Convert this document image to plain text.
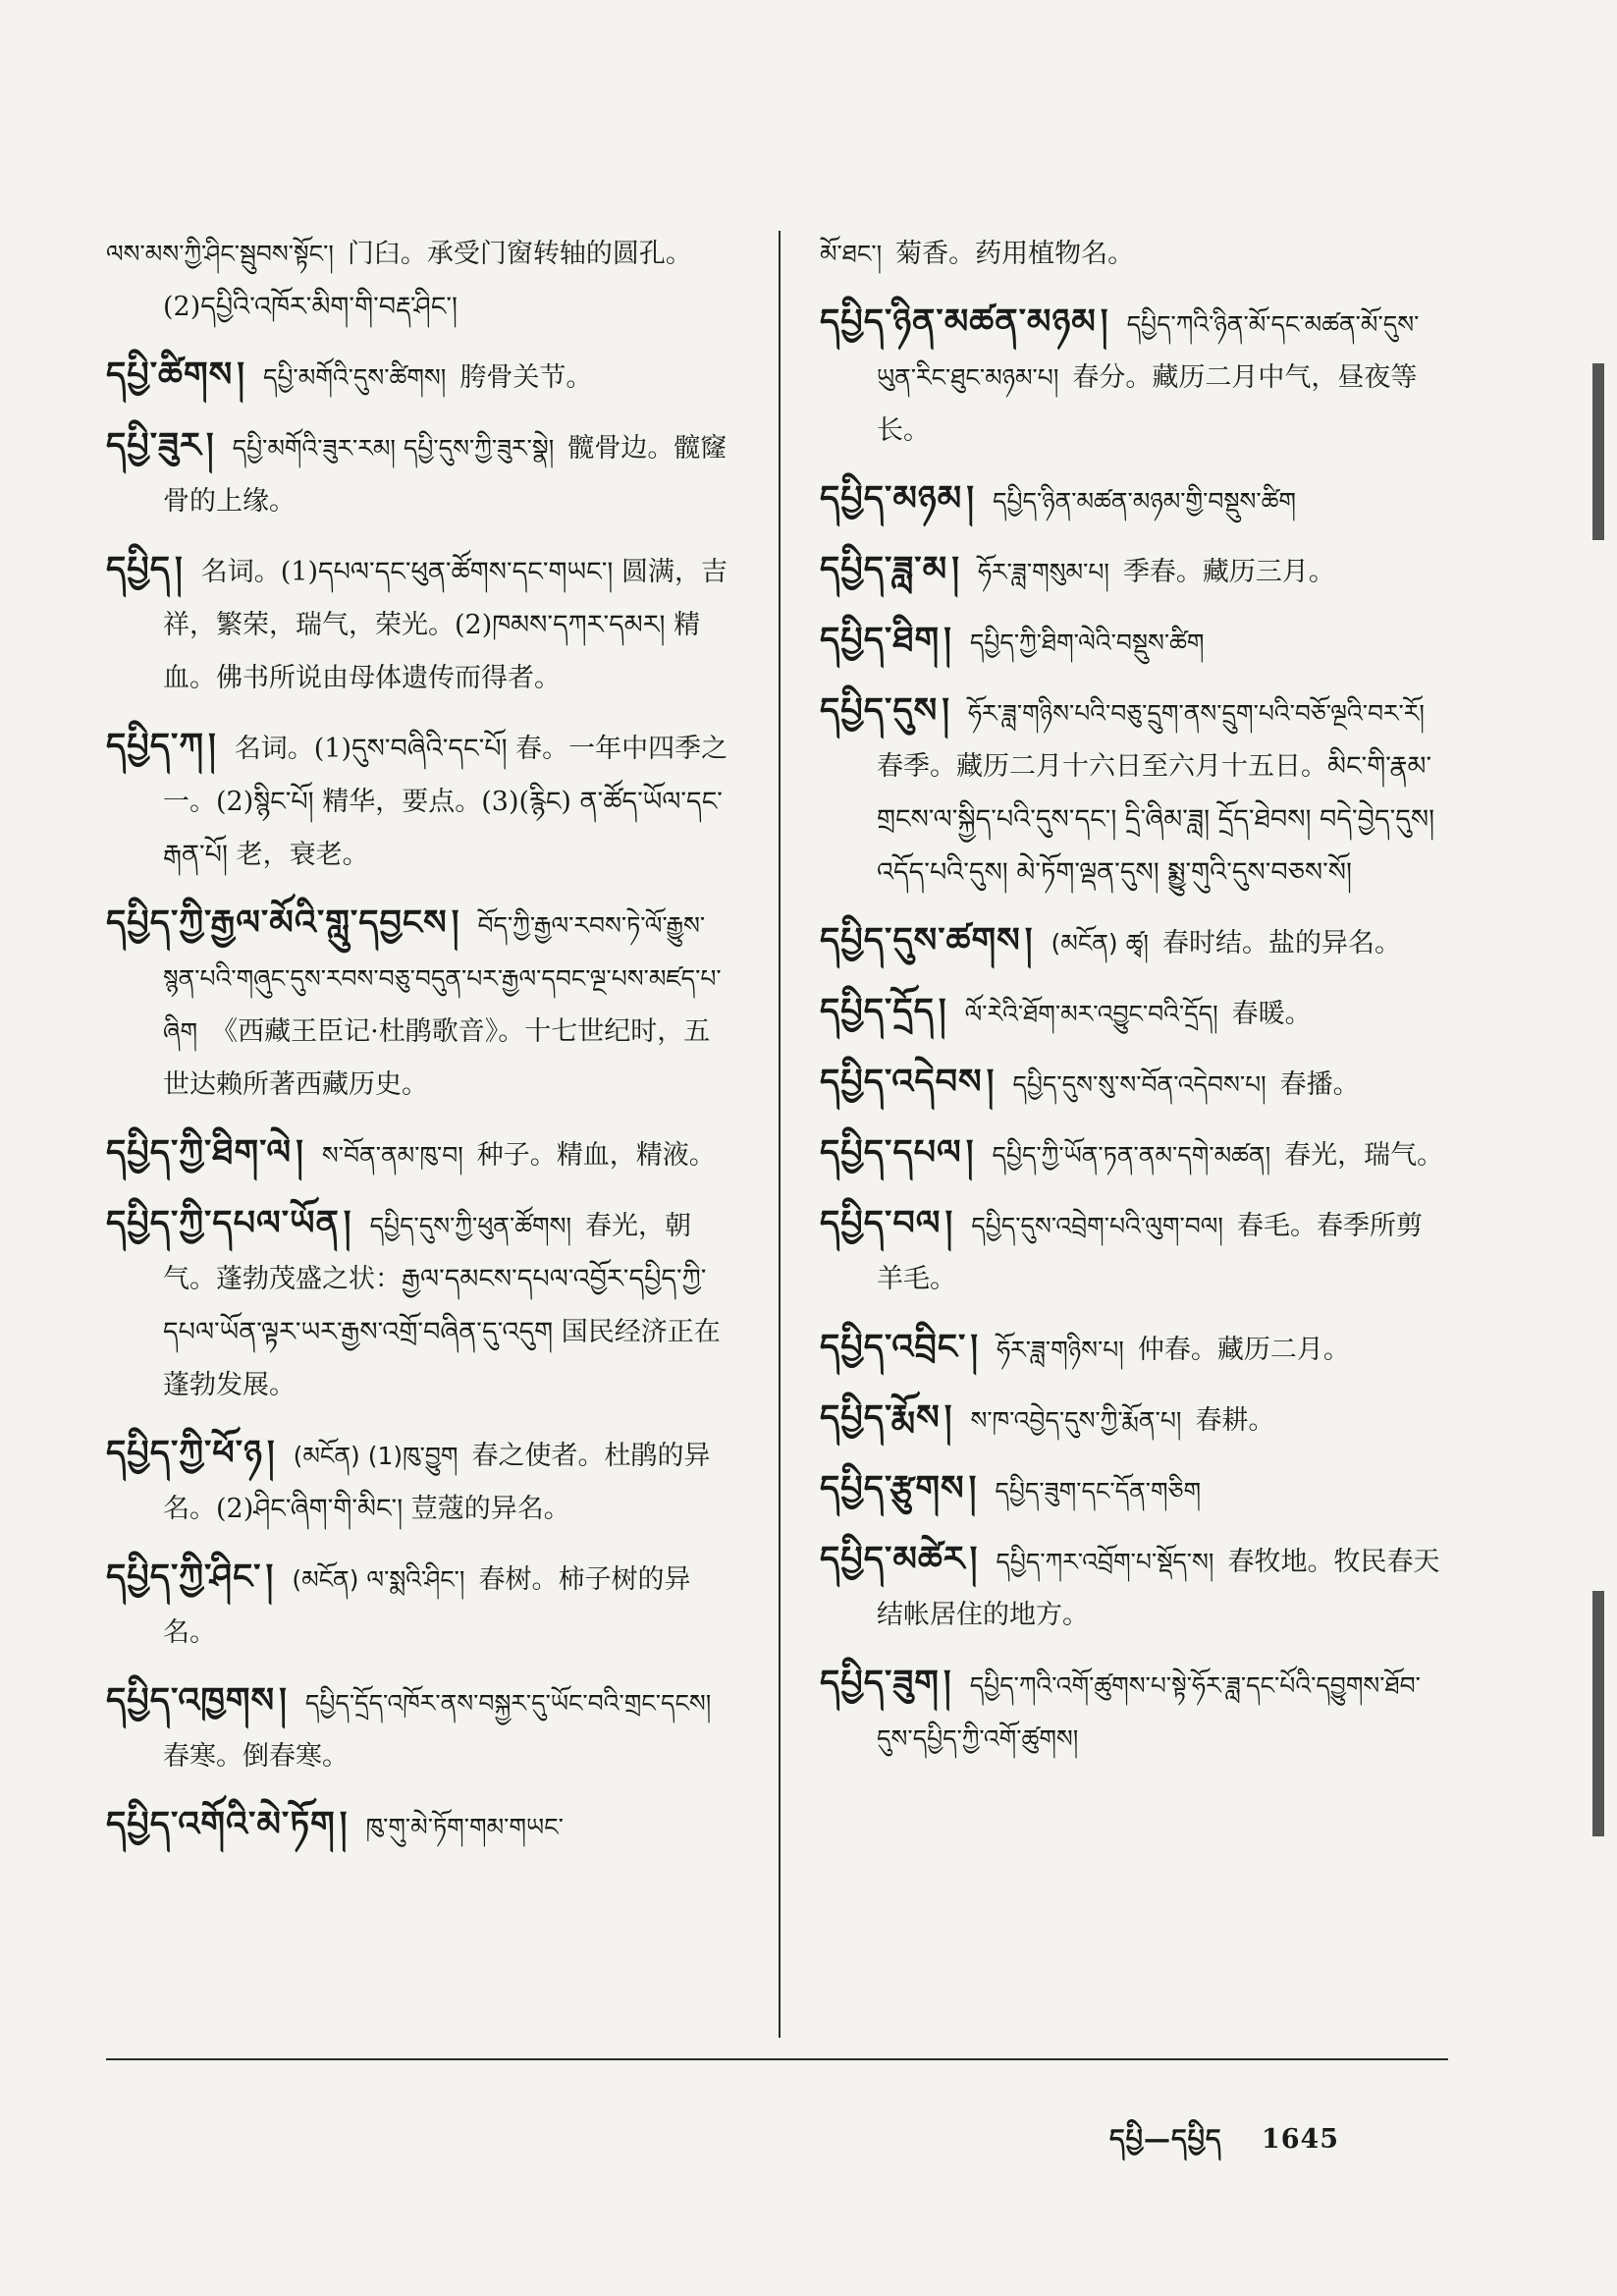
ལས་མས་ཀྱི་ཤིང་སྦུབས་སྟོང་། 门臼。承受门窗转轴的圆孔。(2)དཔྱིའི་འཁོར་མིག་གི་བརྡ་ཤིང་།

དཔྱི་ཚིགས ། དཔྱི་མགོའི་དུས་ཚིགས། 胯骨关节。

དཔྱི་ཟུར ། དཔྱི་མགོའི་ཟུར་རམ། དཔྱི་དུས་ཀྱི་ཟུར་སྣེ། 髋骨边。髋窿骨的上缘。

དཔྱིད ། 名词。(1)དཔལ་དང་ཕུན་ཚོགས་དང་གཡང་། 圆满，吉祥，繁荣，瑞气，荣光。(2)ཁམས་དཀར་དམར། 精血。佛书所说由母体遗传而得者。

དཔྱིད་ཀ ། 名词。(1)དུས་བཞིའི་དང་པོ། 春。一年中四季之一。(2)སྙིང་པོ། 精华，要点。(3)(རྙིང) ན་ཚོད་ཡོལ་དང་རྒན་པོ། 老，衰老。

དཔྱིད་ཀྱི་རྒྱལ་མོའི་གླུ་དབྱངས ། བོད་ཀྱི་རྒྱལ་རབས་ཏེ་ལོ་རྒྱུས་སྙན་པའི་གཞུང་དུས་རབས་བཅུ་བདུན་པར་རྒྱལ་དབང་ལྔ་པས་མཛད་པ་ཞིག 《西藏王臣记·杜鹃歌音》。十七世纪时，五世达赖所著西藏历史。

དཔྱིད་ཀྱི་ཐིག་ལེ ། ས་བོན་ནམ་ཁུ་བ། 种子。精血，精液。

དཔྱིད་ཀྱི་དཔལ་ཡོན ། དཔྱིད་དུས་ཀྱི་ཕུན་ཚོགས། 春光，朝气。蓬勃茂盛之状：རྒྱལ་དམངས་དཔལ་འབྱོར་དཔྱིད་ཀྱི་དཔལ་ཡོན་ལྟར་ཡར་རྒྱས་འགྲོ་བཞིན་དུ་འདུག 国民经济正在蓬勃发展。

དཔྱིད་ཀྱི་ཕོ་ཉ ། (མངོན) (1)ཁུ་བྱུག 春之使者。杜鹃的异名。(2)ཤིང་ཞིག་གི་མིང་། 荳蔻的异名。

དཔྱིད་ཀྱི་ཤིང་ ། (མངོན) ལ་སྨའི་ཤིང་། 春树。柿子树的异名。

དཔྱིད་འཁྱགས ། དཔྱིད་དྲོད་འཁོར་ནས་བསྐྱར་དུ་ཡོང་བའི་གྲང་དངས།春寒。倒春寒。

དཔྱིད་འགོའི་མེ་ཏོག ། ཁུ་གུ་མེ་ཏོག་གམ་གཡང་

མོ་ཐང་། 菊香。药用植物名。

དཔྱིད་ཉིན་མཚན་མཉམ ། དཔྱིད་ཀའི་ཉིན་མོ་དང་མཚན་མོ་དུས་ཡུན་རིང་ཐུང་མཉམ་པ། 春分。藏历二月中气，昼夜等长。

དཔྱིད་མཉམ ། དཔྱིད་ཉིན་མཚན་མཉམ་གྱི་བསྡུས་ཚིག

དཔྱིད་ཟླ་མ ། ཧོར་ཟླ་གསུམ་པ། 季春。藏历三月。

དཔྱིད་ཐིག ། དཔྱིད་ཀྱི་ཐིག་ལེའི་བསྡུས་ཚིག

དཔྱིད་དུས ། ཧོར་ཟླ་གཉིས་པའི་བཅུ་དྲུག་ནས་དྲུག་པའི་བཅོ་ལྔའི་བར་རོ།春季。藏历二月十六日至六月十五日。མིང་གི་རྣམ་གྲངས་ལ་སྐྱིད་པའི་དུས་དང་། དྲི་ཞིམ་ཟླ། དྲོད་ཐེབས། བདེ་བྱེད་དུས། འདོད་པའི་དུས། མེ་ཏོག་ལྡན་དུས། སྨྱུ་གུའི་དུས་བཅས་སོ།

དཔྱིད་དུས་ཚགས ། (མངོན) ཚྭ། 春时结。盐的异名。

དཔྱིད་དྲོད ། ལོ་རེའི་ཐོག་མར་འབྱུང་བའི་དྲོད། 春暖。

དཔྱིད་འདེབས ། དཔྱིད་དུས་སུ་ས་བོན་འདེབས་པ། 春播。

དཔྱིད་དཔལ ། དཔྱིད་ཀྱི་ཡོན་ཏན་ནམ་དགེ་མཚན། 春光，瑞气。

དཔྱིད་བལ ། དཔྱིད་དུས་འབྲེག་པའི་ལུག་བལ། 春毛。春季所剪羊毛。

དཔྱིད་འབྲིང་ ། ཧོར་ཟླ་གཉིས་པ། 仲春。藏历二月。

དཔྱིད་རྨོས ། ས་ཁ་འབྱེད་དུས་ཀྱི་རྨོན་པ། 春耕。

དཔྱིད་རྩུགས ། དཔྱིད་ཟུག་དང་དོན་གཅིག

དཔྱིད་མཚེར ། དཔྱིད་ཀར་འབྲོག་པ་སྡོད་ས། 春牧地。牧民春天结帐居住的地方。

དཔྱིད་ཟུག ། དཔྱིད་ཀའི་འགོ་ཚུགས་པ་སྟེ་ཧོར་ཟླ་དང་པོའི་དབྱུགས་ཐོབ་དུས་དཔྱིད་ཀྱི་འགོ་ཚུགས།

དཔྱི—དཔྱིད 1645
